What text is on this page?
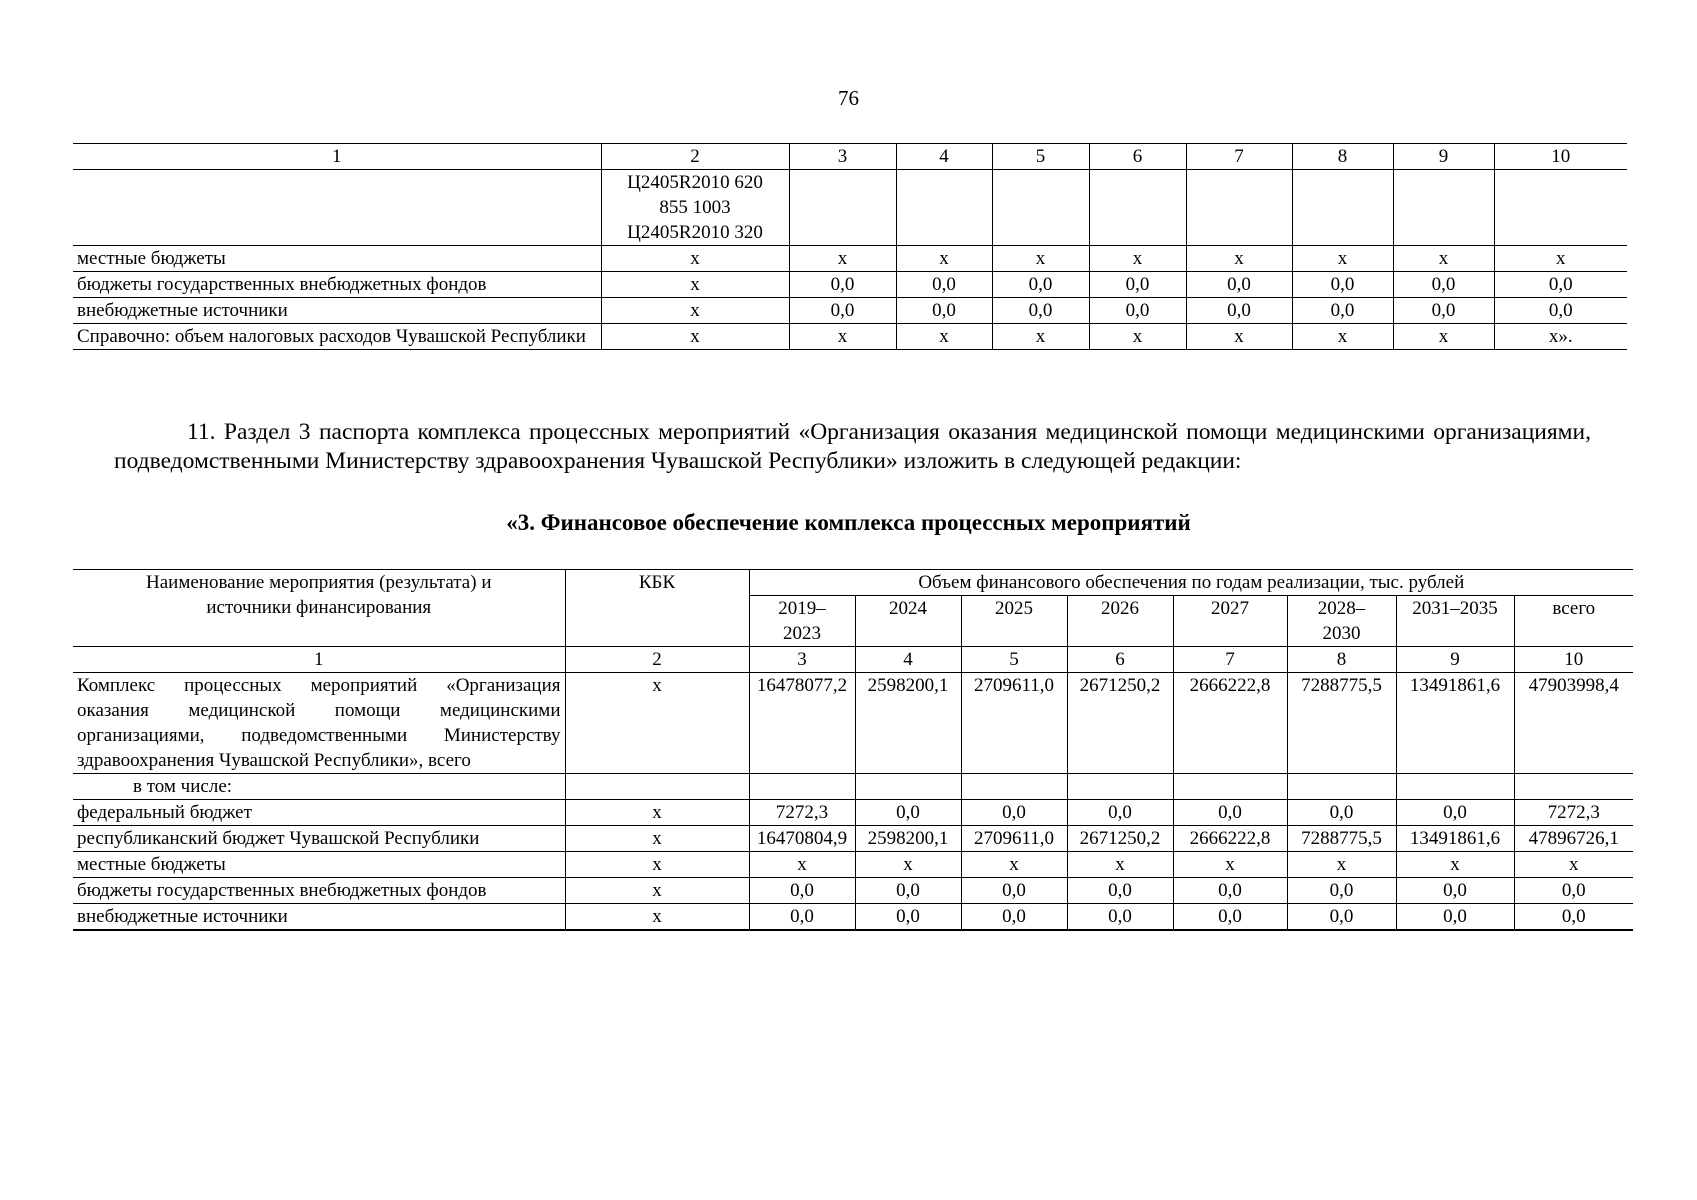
76
1	2	3	4	5	6	7	8	9	10

	Ц2405R2010 620
855 1003
Ц2405R2010 320								

местные бюджеты	х	х	х	х	х	х	х	х	х
бюджеты государственных внебюджетных фондов	х	0,0	0,0	0,0	0,0	0,0	0,0	0,0	0,0
внебюджетные источники	х	0,0	0,0	0,0	0,0	0,0	0,0	0,0	0,0
Справочно: объем налоговых расходов Чувашской Республики	х	х	х	х	х	х	х	х	х».
11. Раздел 3 паспорта комплекса процессных мероприятий «Организация оказания медицинской помощи медицинскими организациями, подведомственными Министерству здравоохранения Чувашской Республики» изложить в следующей редакции:
«3. Финансовое обеспечение комплекса процессных мероприятий
Наименование мероприятия (результата) и источники финансирования	КБК	Объем финансового обеспечения по годам реализации, тыс. рублей							
		2019–2023	2024	2025	2026	2027	2028–2030	2031–2035	всего
1	2	3	4	5	6	7	8	9	10
Комплекс процессных мероприятий «Организация оказания медицинской помощи медицинскими организациями, подведомственными Министерству здравоохранения Чувашской Республики», всего	х	16478077,2	2598200,1	2709611,0	2671250,2	2666222,8	7288775,5	13491861,6	47903998,4
в том числе:									
федеральный бюджет	х	7272,3	0,0	0,0	0,0	0,0	0,0	0,0	7272,3
республиканский бюджет Чувашской Республики	х	16470804,9	2598200,1	2709611,0	2671250,2	2666222,8	7288775,5	13491861,6	47896726,1
местные бюджеты	х	х	х	х	х	х	х	х	х
бюджеты государственных внебюджетных фондов	х	0,0	0,0	0,0	0,0	0,0	0,0	0,0	0,0
внебюджетные источники	х	0,0	0,0	0,0	0,0	0,0	0,0	0,0	0,0
